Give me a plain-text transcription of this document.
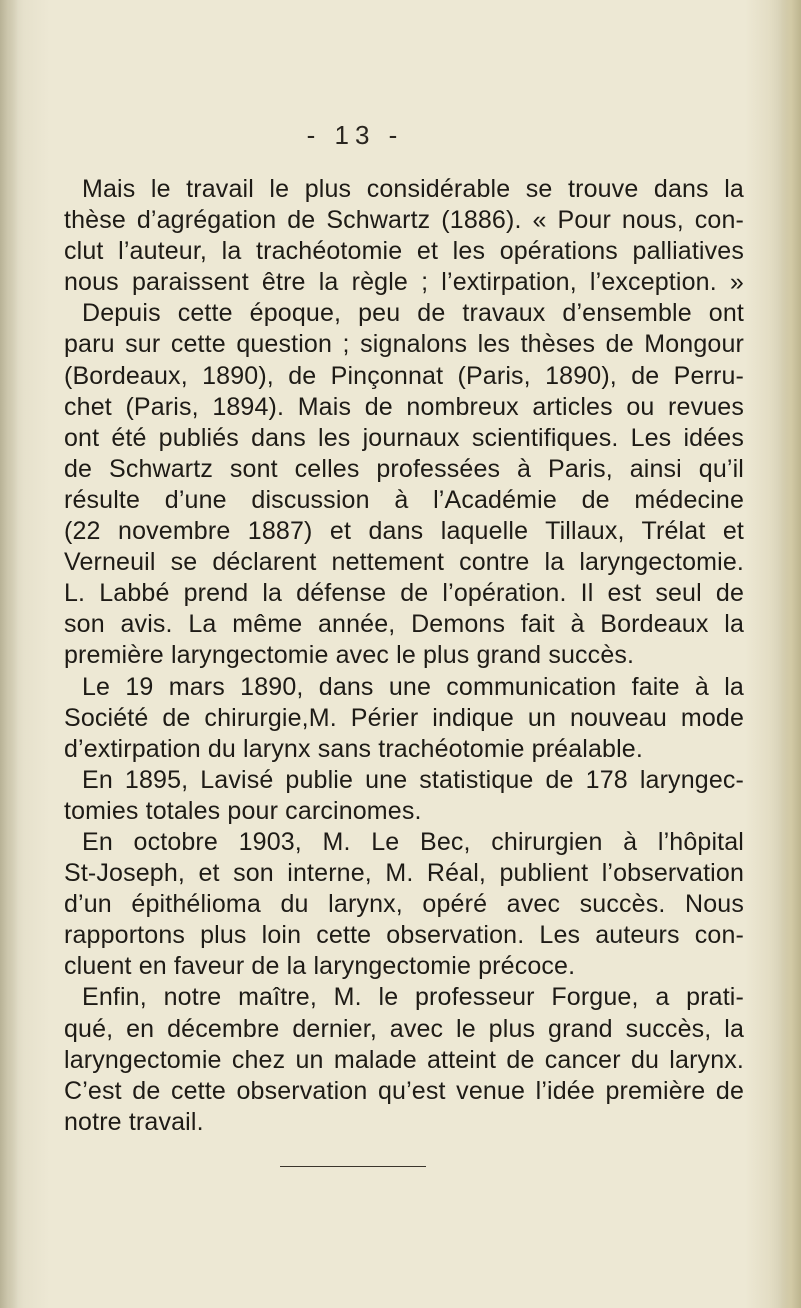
- 13 -
Mais le travail le plus considérable se trouve dans la
thèse d’agrégation de Schwartz (1886). « Pour nous, con-
clut l’auteur, la trachéotomie et les opérations palliatives
nous paraissent être la règle ; l’extirpation, l’exception. »
Depuis cette époque, peu de travaux d’ensemble ont
paru sur cette question ; signalons les thèses de Mongour
(Bordeaux, 1890), de Pinçonnat (Paris, 1890), de Perru-
chet (Paris, 1894). Mais de nombreux articles ou revues
ont été publiés dans les journaux scientifiques. Les idées
de Schwartz sont celles professées à Paris, ainsi qu’il
résulte d’une discussion à l’Académie de médecine
(22 novembre 1887) et dans laquelle Tillaux, Trélat et
Verneuil se déclarent nettement contre la laryngectomie.
L. Labbé prend la défense de l’opération. Il est seul de
son avis. La même année, Demons fait à Bordeaux la
première laryngectomie avec le plus grand succès.
Le 19 mars 1890, dans une communication faite à la
Société de chirurgie,M. Périer indique un nouveau mode
d’extirpation du larynx sans trachéotomie préalable.
En 1895, Lavisé publie une statistique de 178 laryngec-
tomies totales pour carcinomes.
En octobre 1903, M. Le Bec, chirurgien à l’hôpital
St-Joseph, et son interne, M. Réal, publient l’observation
d’un épithélioma du larynx, opéré avec succès. Nous
rapportons plus loin cette observation. Les auteurs con-
cluent en faveur de la laryngectomie précoce.
Enfin, notre maître, M. le professeur Forgue, a prati-
qué, en décembre dernier, avec le plus grand succès, la
laryngectomie chez un malade atteint de cancer du larynx.
C’est de cette observation qu’est venue l’idée première de
notre travail.
